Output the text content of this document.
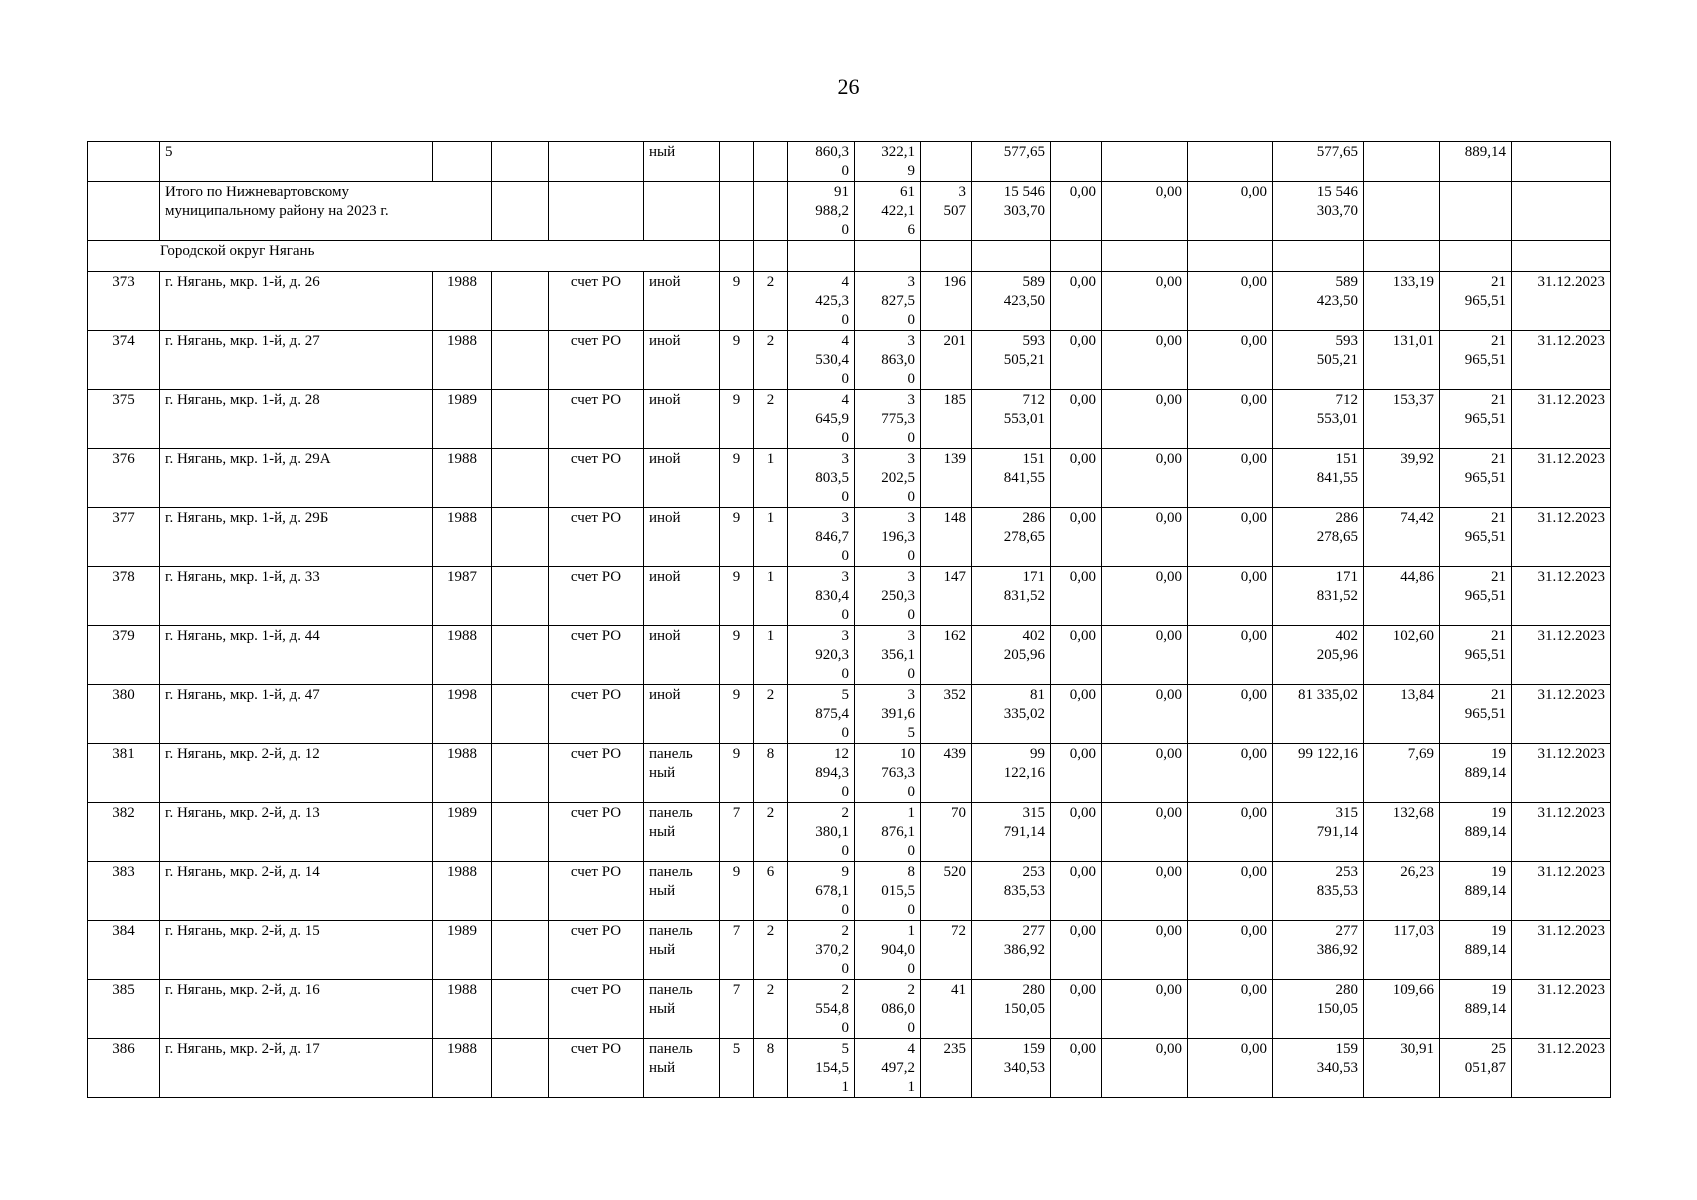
26
	5				ный			860,3
0	322,1
9		577,65				577,65		889,14	
	Итого по Нижневартовскому
муниципальному району на 2023 г.							91
988,2
0	61
422,1
6	3
507	15 546
303,70	0,00	0,00	0,00	15 546
303,70			
Городской округ Нягань																		
373	г. Нягань, мкр. 1-й, д. 26	1988		счет РО	иной	9	2	4
425,3
0	3
827,5
0	196	589
423,50	0,00	0,00	0,00	589
423,50	133,19	21
965,51	31.12.2023
374	г. Нягань, мкр. 1-й, д. 27	1988		счет РО	иной	9	2	4
530,4
0	3
863,0
0	201	593
505,21	0,00	0,00	0,00	593
505,21	131,01	21
965,51	31.12.2023
375	г. Нягань, мкр. 1-й, д. 28	1989		счет РО	иной	9	2	4
645,9
0	3
775,3
0	185	712
553,01	0,00	0,00	0,00	712
553,01	153,37	21
965,51	31.12.2023
376	г. Нягань, мкр. 1-й, д. 29А	1988		счет РО	иной	9	1	3
803,5
0	3
202,5
0	139	151
841,55	0,00	0,00	0,00	151
841,55	39,92	21
965,51	31.12.2023
377	г. Нягань, мкр. 1-й, д. 29Б	1988		счет РО	иной	9	1	3
846,7
0	3
196,3
0	148	286
278,65	0,00	0,00	0,00	286
278,65	74,42	21
965,51	31.12.2023
378	г. Нягань, мкр. 1-й, д. 33	1987		счет РО	иной	9	1	3
830,4
0	3
250,3
0	147	171
831,52	0,00	0,00	0,00	171
831,52	44,86	21
965,51	31.12.2023
379	г. Нягань, мкр. 1-й, д. 44	1988		счет РО	иной	9	1	3
920,3
0	3
356,1
0	162	402
205,96	0,00	0,00	0,00	402
205,96	102,60	21
965,51	31.12.2023
380	г. Нягань, мкр. 1-й, д. 47	1998		счет РО	иной	9	2	5
875,4
0	3
391,6
5	352	81
335,02	0,00	0,00	0,00	81 335,02	13,84	21
965,51	31.12.2023
381	г. Нягань, мкр. 2-й, д. 12	1988		счет РО	панель
ный	9	8	12
894,3
0	10
763,3
0	439	99
122,16	0,00	0,00	0,00	99 122,16	7,69	19
889,14	31.12.2023
382	г. Нягань, мкр. 2-й, д. 13	1989		счет РО	панель
ный	7	2	2
380,1
0	1
876,1
0	70	315
791,14	0,00	0,00	0,00	315
791,14	132,68	19
889,14	31.12.2023
383	г. Нягань, мкр. 2-й, д. 14	1988		счет РО	панель
ный	9	6	9
678,1
0	8
015,5
0	520	253
835,53	0,00	0,00	0,00	253
835,53	26,23	19
889,14	31.12.2023
384	г. Нягань, мкр. 2-й, д. 15	1989		счет РО	панель
ный	7	2	2
370,2
0	1
904,0
0	72	277
386,92	0,00	0,00	0,00	277
386,92	117,03	19
889,14	31.12.2023
385	г. Нягань, мкр. 2-й, д. 16	1988		счет РО	панель
ный	7	2	2
554,8
0	2
086,0
0	41	280
150,05	0,00	0,00	0,00	280
150,05	109,66	19
889,14	31.12.2023
386	г. Нягань, мкр. 2-й, д. 17	1988		счет РО	панель
ный	5	8	5
154,5
1	4
497,2
1	235	159
340,53	0,00	0,00	0,00	159
340,53	30,91	25
051,87	31.12.2023
